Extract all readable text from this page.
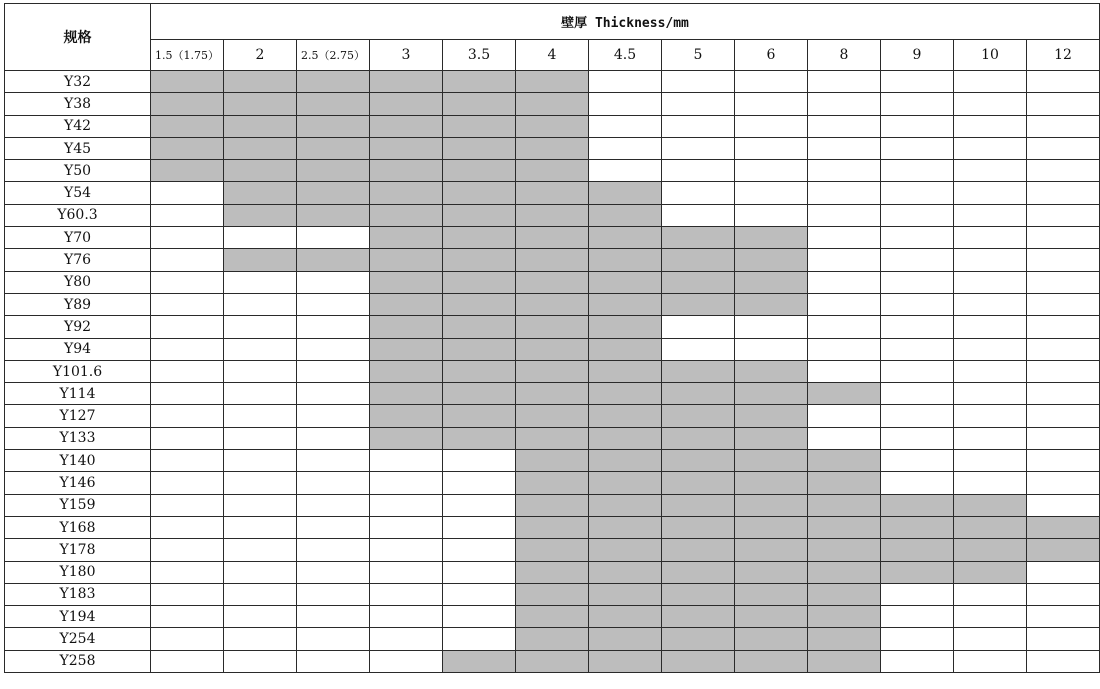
规格	壁厚 Thickness/mm												
	1.5（1.75）	2	2.5（2.75）	3	3.5	4	4.5	5	6	8	9	10	12
Y32													
Y38													
Y42													
Y45													
Y50													
Y54													
Y60.3													
Y70													
Y76													
Y80													
Y89													
Y92													
Y94													
Y101.6													
Y114													
Y127													
Y133													
Y140													
Y146													
Y159													
Y168													
Y178													
Y180													
Y183													
Y194													
Y254													
Y258													
